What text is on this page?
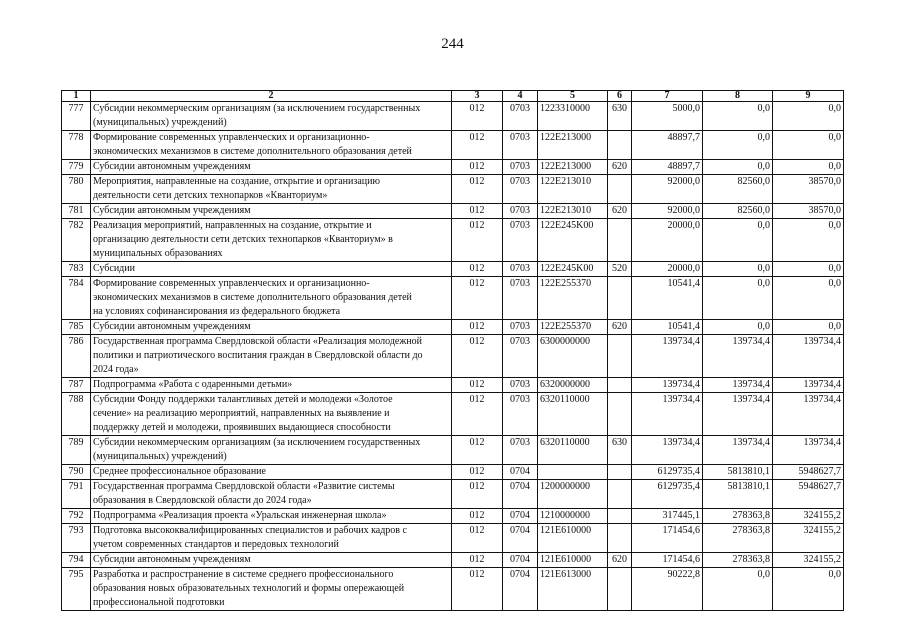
244
1	2	3	4	5	6	7	8	9
777	Субсидии некоммерческим организациям (за исключением государственных
(муниципальных) учреждений)	012	0703	1223310000	630	5000,0	0,0	0,0
778	Формирование современных управленческих и организационно-
экономических механизмов в системе дополнительного образования детей	012	0703	122E213000		48897,7	0,0	0,0
779	Субсидии автономным учреждениям	012	0703	122E213000	620	48897,7	0,0	0,0
780	Мероприятия, направленные на создание, открытие и организацию
деятельности сети детских технопарков «Кванториум»	012	0703	122E213010		92000,0	82560,0	38570,0
781	Субсидии автономным учреждениям	012	0703	122E213010	620	92000,0	82560,0	38570,0
782	Реализация мероприятий, направленных на создание, открытие и
организацию деятельности сети детских технопарков «Кванториум» в
муниципальных образованиях	012	0703	122E245K00		20000,0	0,0	0,0
783	Субсидии	012	0703	122E245K00	520	20000,0	0,0	0,0
784	Формирование современных управленческих и организационно-
экономических механизмов в системе дополнительного образования детей
на условиях софинансирования из федерального бюджета	012	0703	122E255370		10541,4	0,0	0,0
785	Субсидии автономным учреждениям	012	0703	122E255370	620	10541,4	0,0	0,0
786	Государственная программа Свердловской области «Реализация молодежной
политики и патриотического воспитания граждан в Свердловской области до
2024 года»	012	0703	6300000000		139734,4	139734,4	139734,4
787	Подпрограмма «Работа с одаренными детьми»	012	0703	6320000000		139734,4	139734,4	139734,4
788	Субсидии Фонду поддержки талантливых детей и молодежи «Золотое
сечение» на реализацию мероприятий, направленных на выявление и
поддержку детей и молодежи, проявивших выдающиеся способности	012	0703	6320110000		139734,4	139734,4	139734,4
789	Субсидии некоммерческим организациям (за исключением государственных
(муниципальных) учреждений)	012	0703	6320110000	630	139734,4	139734,4	139734,4
790	Среднее профессиональное образование	012	0704			6129735,4	5813810,1	5948627,7
791	Государственная программа Свердловской области «Развитие системы
образования в Свердловской области до 2024 года»	012	0704	1200000000		6129735,4	5813810,1	5948627,7
792	Подпрограмма «Реализация проекта «Уральская инженерная школа»	012	0704	1210000000		317445,1	278363,8	324155,2
793	Подготовка высококвалифицированных специалистов и рабочих кадров с
учетом современных стандартов и передовых технологий	012	0704	121E610000		171454,6	278363,8	324155,2
794	Субсидии автономным учреждениям	012	0704	121E610000	620	171454,6	278363,8	324155,2
795	Разработка и распространение в системе среднего профессионального
образования новых образовательных технологий и формы опережающей
профессиональной подготовки	012	0704	121E613000		90222,8	0,0	0,0
